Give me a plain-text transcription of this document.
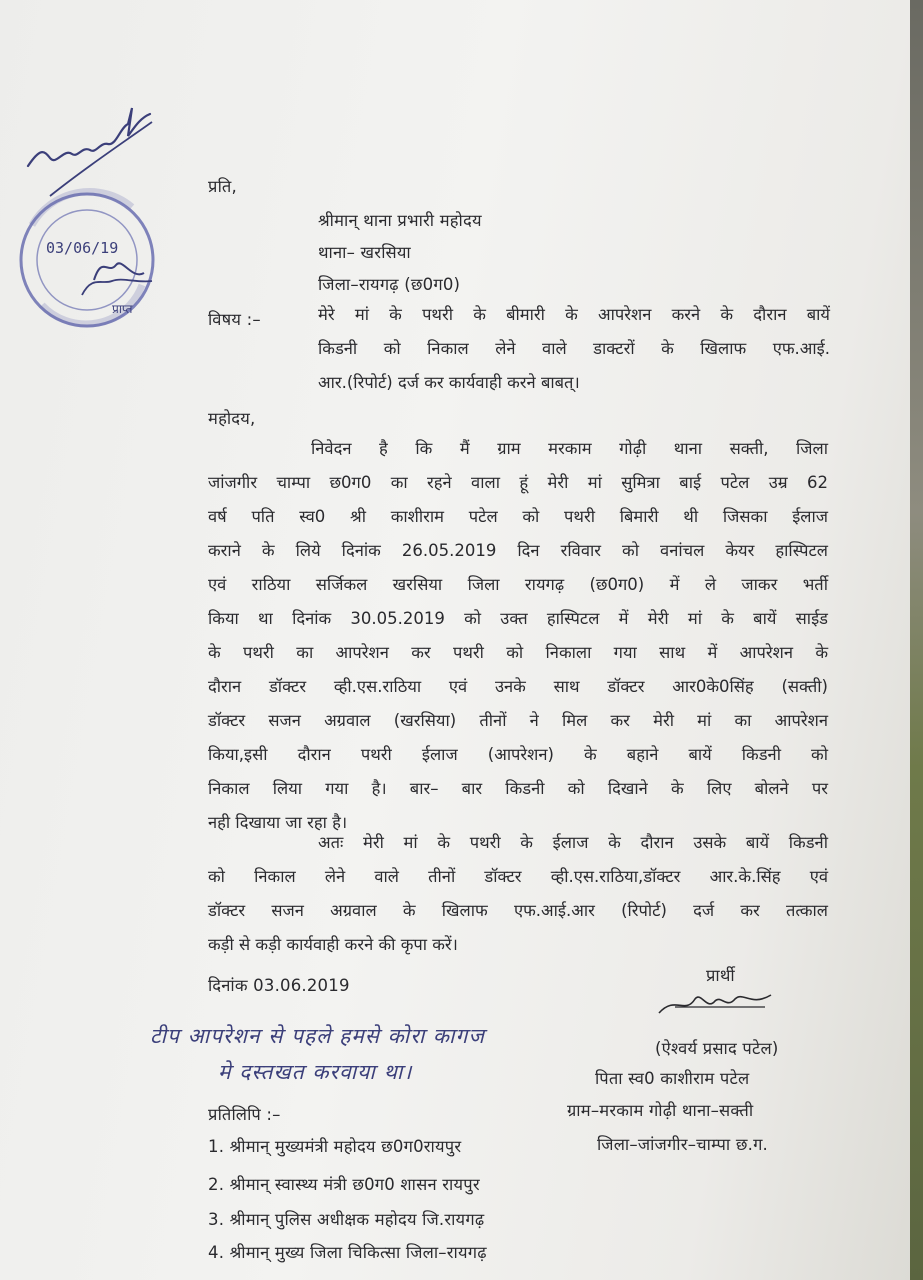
03/06/19
प्राप्त
प्रति,
श्रीमान् थाना प्रभारी महोदय
थाना– खरसिया
जिला–रायगढ़ (छ0ग0)
विषय :–	मेरे मां के पथरी के बीमारी के आपरेशन करने के दौरान बायें
किडनी को निकाल लेने वाले डाक्टरों के खिलाफ एफ.आई.
आर.(रिपोर्ट) दर्ज कर कार्यवाही करने बाबत्।
महोदय,
निवेदन है कि मैं ग्राम मरकाम गोढ़ी थाना सक्ती, जिला
जांजगीर चाम्पा छ0ग0 का रहने वाला हूं मेरी मां सुमित्रा बाई पटेल उम्र 62
वर्ष पति स्व0 श्री काशीराम पटेल को पथरी बिमारी थी जिसका ईलाज
कराने के लिये दिनांक 26.05.2019 दिन रविवार को वनांचल केयर हास्पिटल
एवं राठिया सर्जिकल खरसिया जिला रायगढ़ (छ0ग0) में ले जाकर भर्ती
किया था दिनांक 30.05.2019 को उक्त हास्पिटल में मेरी मां के बायें साईड
के पथरी का आपरेशन कर पथरी को निकाला गया साथ में आपरेशन के
दौरान डॉक्टर व्ही.एस.राठिया एवं उनके साथ डॉक्टर आर0के0सिंह (सक्ती)
डॉक्टर सजन अग्रवाल (खरसिया) तीनों ने मिल कर मेरी मां का आपरेशन
किया,इसी दौरान पथरी ईलाज (आपरेशन) के बहाने बायें किडनी को
निकाल लिया गया है। बार– बार किडनी को दिखाने के लिए बोलने पर
नही दिखाया जा रहा है।
अतः मेरी मां के पथरी के ईलाज के दौरान उसके बायें किडनी
को निकाल लेने वाले तीनों डॉक्टर व्ही.एस.राठिया,डॉक्टर आर.के.सिंह एवं
डॉक्टर सजन अग्रवाल के खिलाफ एफ.आई.आर (रिपोर्ट) दर्ज कर तत्काल
कड़ी से कड़ी कार्यवाही करने की कृपा करें।
दिनांक 03.06.2019
प्रार्थी
(ऐश्वर्य प्रसाद पटेल)
पिता स्व0 काशीराम पटेल
ग्राम–मरकाम गोढ़ी थाना–सक्ती
जिला–जांजगीर–चाम्पा छ.ग.
टीप आपरेशन से पहले हमसे कोरा कागज
मे दस्तखत करवाया था।
प्रतिलिपि :–
1. श्रीमान् मुख्यमंत्री महोदय छ0ग0रायपुर
2. श्रीमान् स्वास्थ्य मंत्री छ0ग0 शासन रायपुर
3. श्रीमान् पुलिस अधीक्षक महोदय जि.रायगढ़
4. श्रीमान् मुख्य जिला चिकित्सा जिला–रायगढ़
